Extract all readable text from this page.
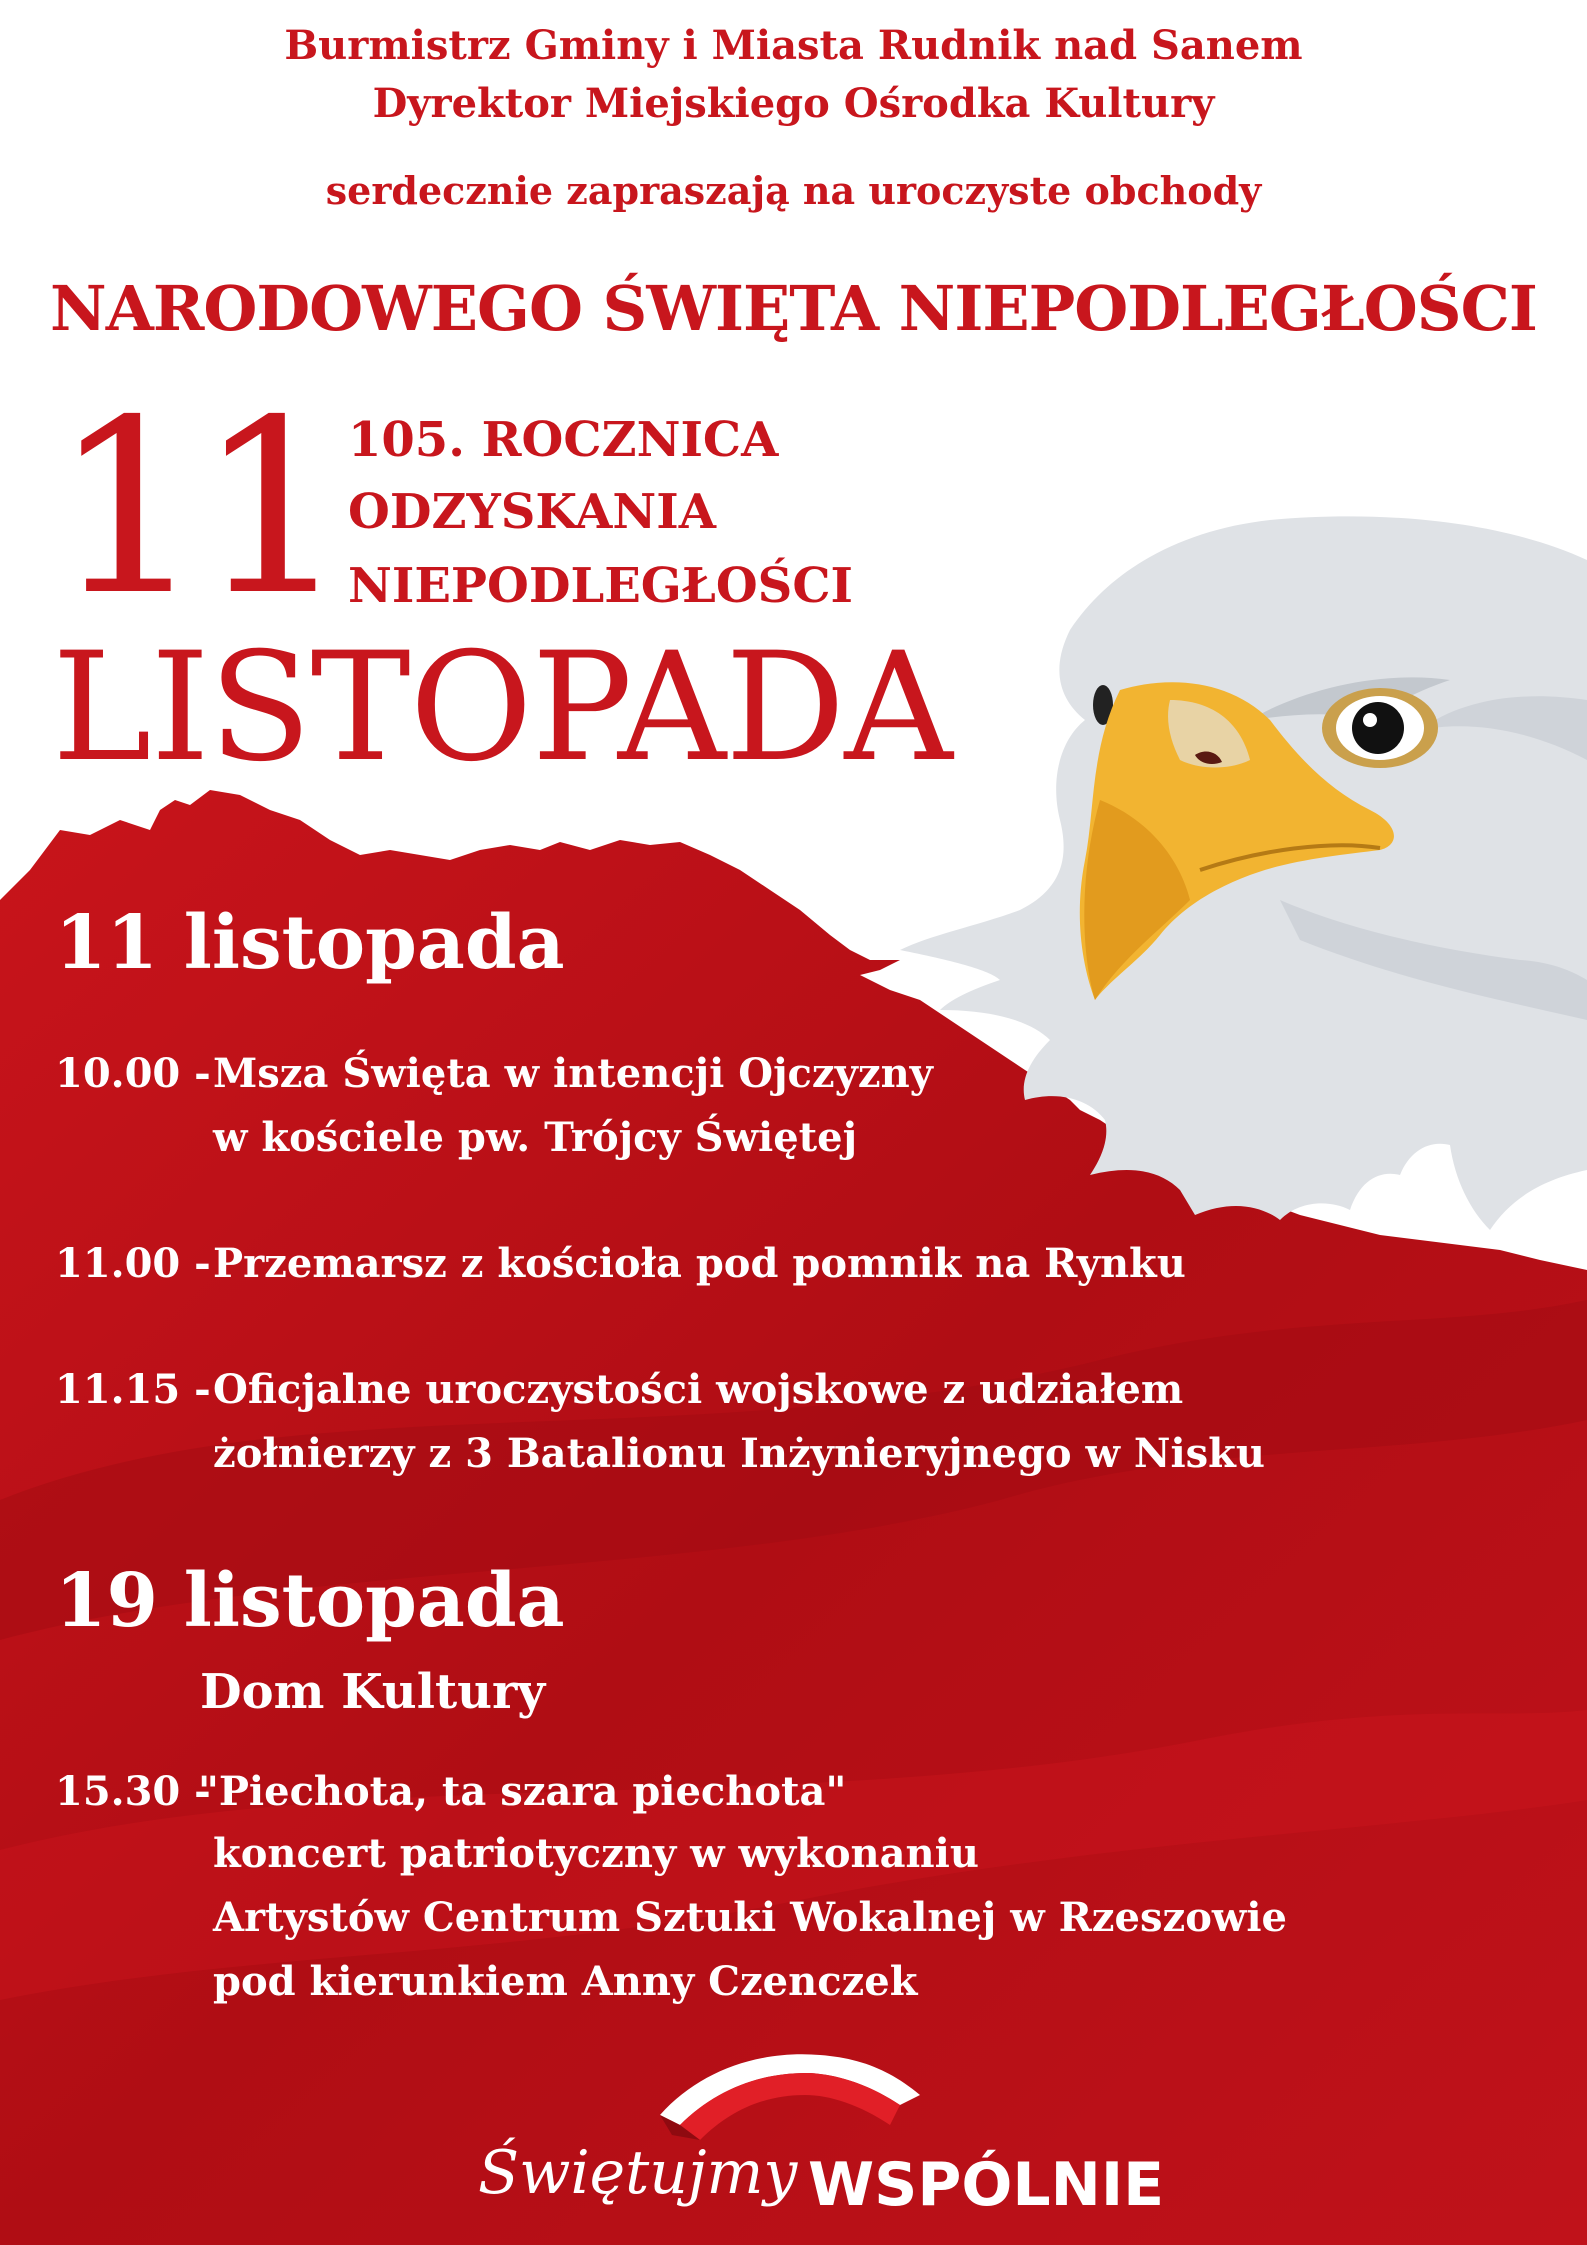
Burmistrz Gminy i Miasta Rudnik nad Sanem

Dyrektor Miejskiego Ośrodka Kultury

serdecznie zapraszają na uroczyste obchody

NARODOWEGO ŚWIĘTA NIEPODLEGŁOŚCI

11 105. ROCZNICA

ODZYSKANIA

NIEPODLEGŁOŚCI

LISTOPADA

11 listopada

10.00 - Msza Święta w intencji Ojczyzny

w kościele pw. Trójcy Świętej

11.00 - Przemarsz z kościoła pod pomnik na Rynku

11.15 - Oficjalne uroczystości wojskowe z udziałem

żołnierzy z 3 Batalionu Inżynieryjnego w Nisku

19 listopada

Dom Kultury

15.30 -

"Piechota, ta szara piechota"

koncert patriotyczny w wykonaniu

Artystów Centrum Sztuki Wokalnej w Rzeszowie

pod kierunkiem Anny Czenczek

Świętujmy WSPÓLNIE
